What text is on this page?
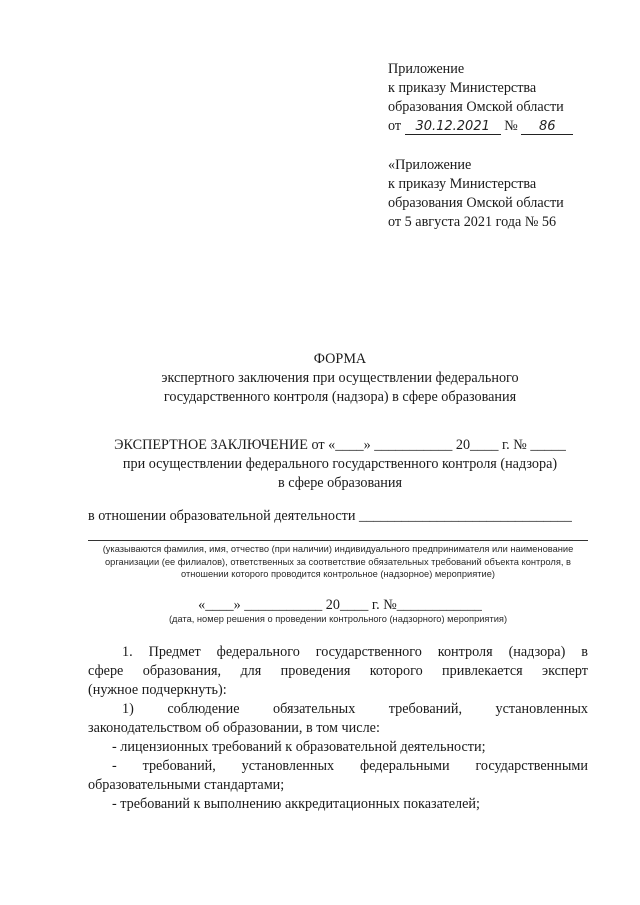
Приложение
к приказу Министерства
образования Омской области
от 30.12.2021 № 86
«Приложение
к приказу Министерства
образования Омской области
от 5 августа 2021 года № 56
ФОРМА
экспертного заключения при осуществлении федерального
государственного контроля (надзора) в сфере образования
ЭКСПЕРТНОЕ ЗАКЛЮЧЕНИЕ от «____» ___________ 20____ г. № _____
при осуществлении федерального государственного контроля (надзора)
в сфере образования
в отношении образовательной деятельности ______________________________
(указываются фамилия, имя, отчество (при наличии) индивидуального предпринимателя или наименование
организации (ее филиалов), ответственных за соответствие обязательных требований объекта контроля, в
отношении которого проводится контрольное (надзорное) мероприятие)
«____» ___________ 20____ г. №____________
(дата, номер решения о проведении контрольного (надзорного) мероприятия)
1. Предмет федерального государственного контроля (надзора) в
сфере образования, для проведения которого привлекается эксперт
(нужное подчеркнуть):
1) соблюдение обязательных требований, установленных
законодательством об образовании, в том числе:
- лицензионных требований к образовательной деятельности;
- требований, установленных федеральными государственными
образовательными стандартами;
- требований к выполнению аккредитационных показателей;
